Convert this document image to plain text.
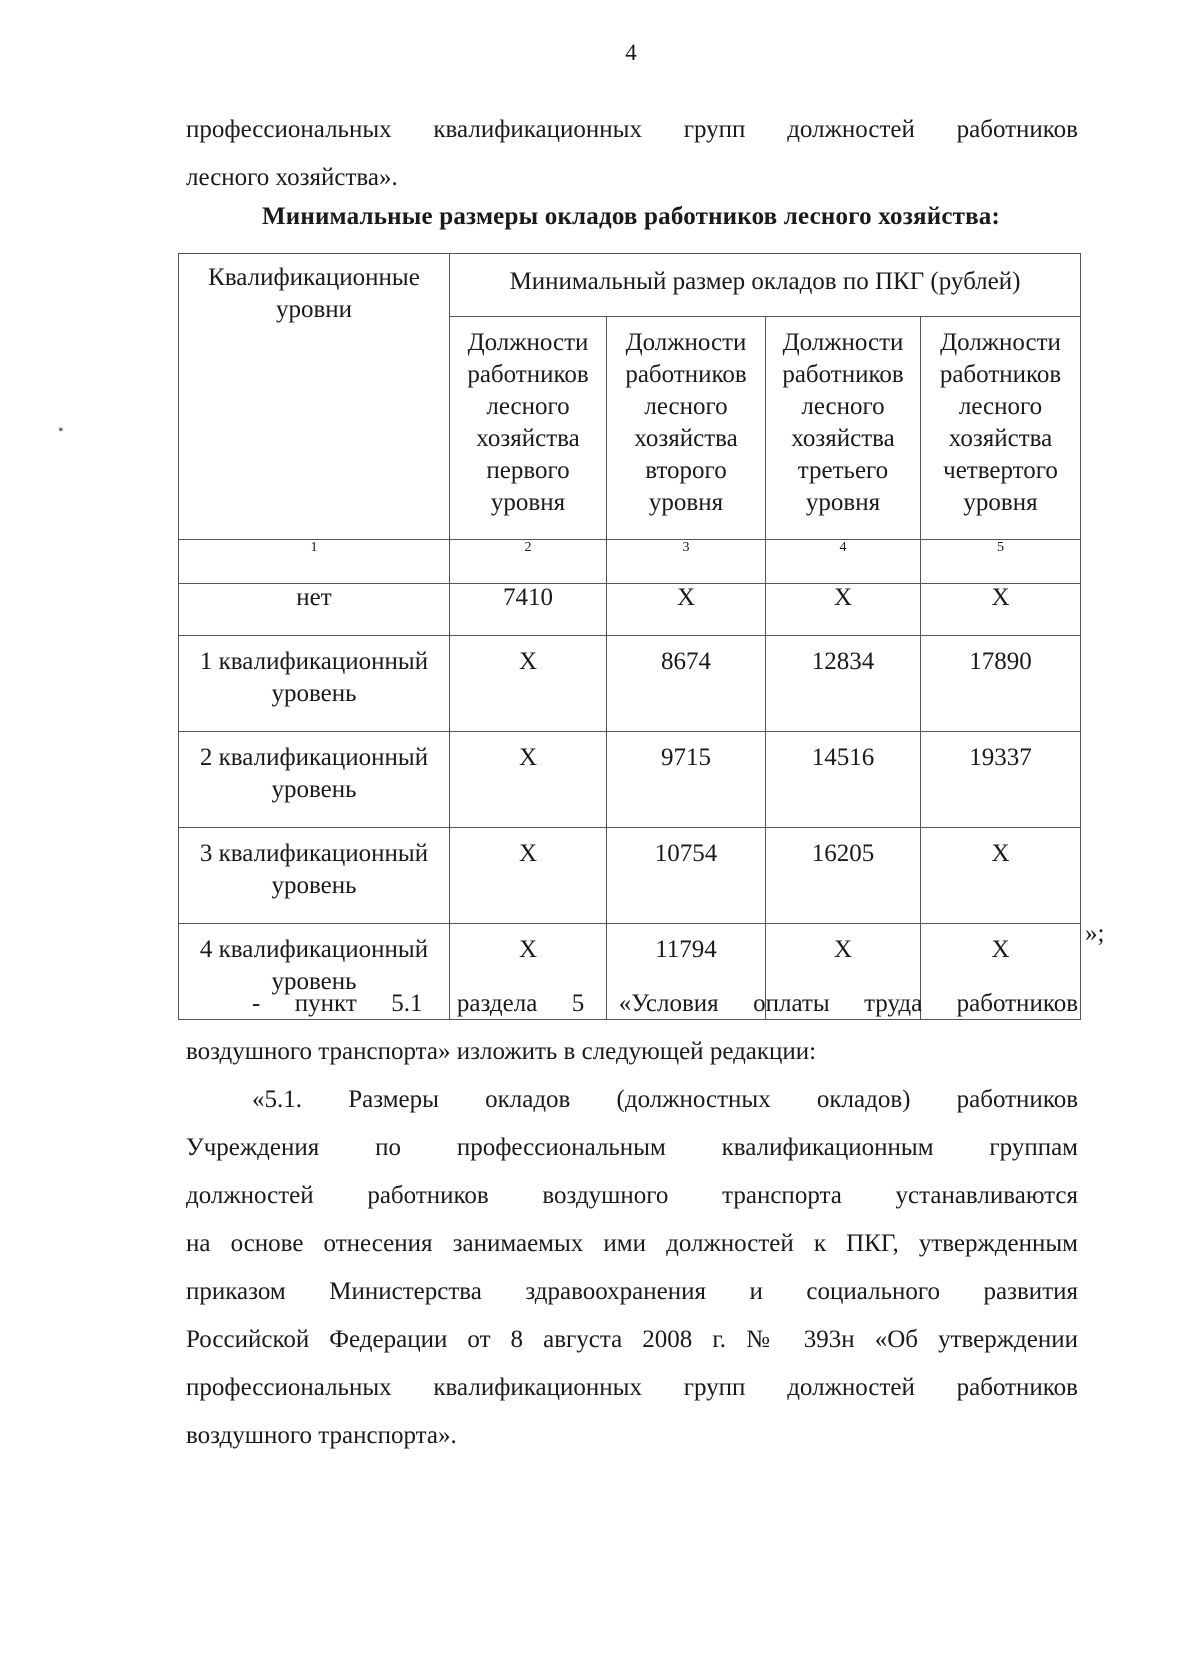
4

профессиональных квалификационных групп должностей работников
лесного хозяйства».

Минимальные размеры окладов работников лесного хозяйства:
Квалификационные уровни	Минимальный размер окладов по ПКГ (рублей)			
	Должности работников лесного хозяйства первого уровня	Должности работников лесного хозяйства второго уровня	Должности работников лесного хозяйства третьего уровня	Должности работников лесного хозяйства четвертого уровня
1	2	3	4	5
нет	7410	X	X	X
1 квалификационный уровень	X	8674	12834	17890
2 квалификационный уровень	X	9715	14516	19337
3 квалификационный уровень	X	10754	16205	X
4 квалификационный уровень	X	11794	X	X
»;

- пункт 5.1 раздела 5 «Условия оплаты труда работников
воздушного транспорта» изложить в следующей редакции:

«5.1. Размеры окладов (должностных окладов) работников
Учреждения по профессиональным квалификационным группам
должностей работников воздушного транспорта устанавливаются
на основе отнесения занимаемых ими должностей к ПКГ, утвержденным
приказом Министерства здравоохранения и социального развития
Российской Федерации от 8 августа 2008 г. № 393н «Об утверждении
профессиональных квалификационных групп должностей работников
воздушного транспорта».

•
